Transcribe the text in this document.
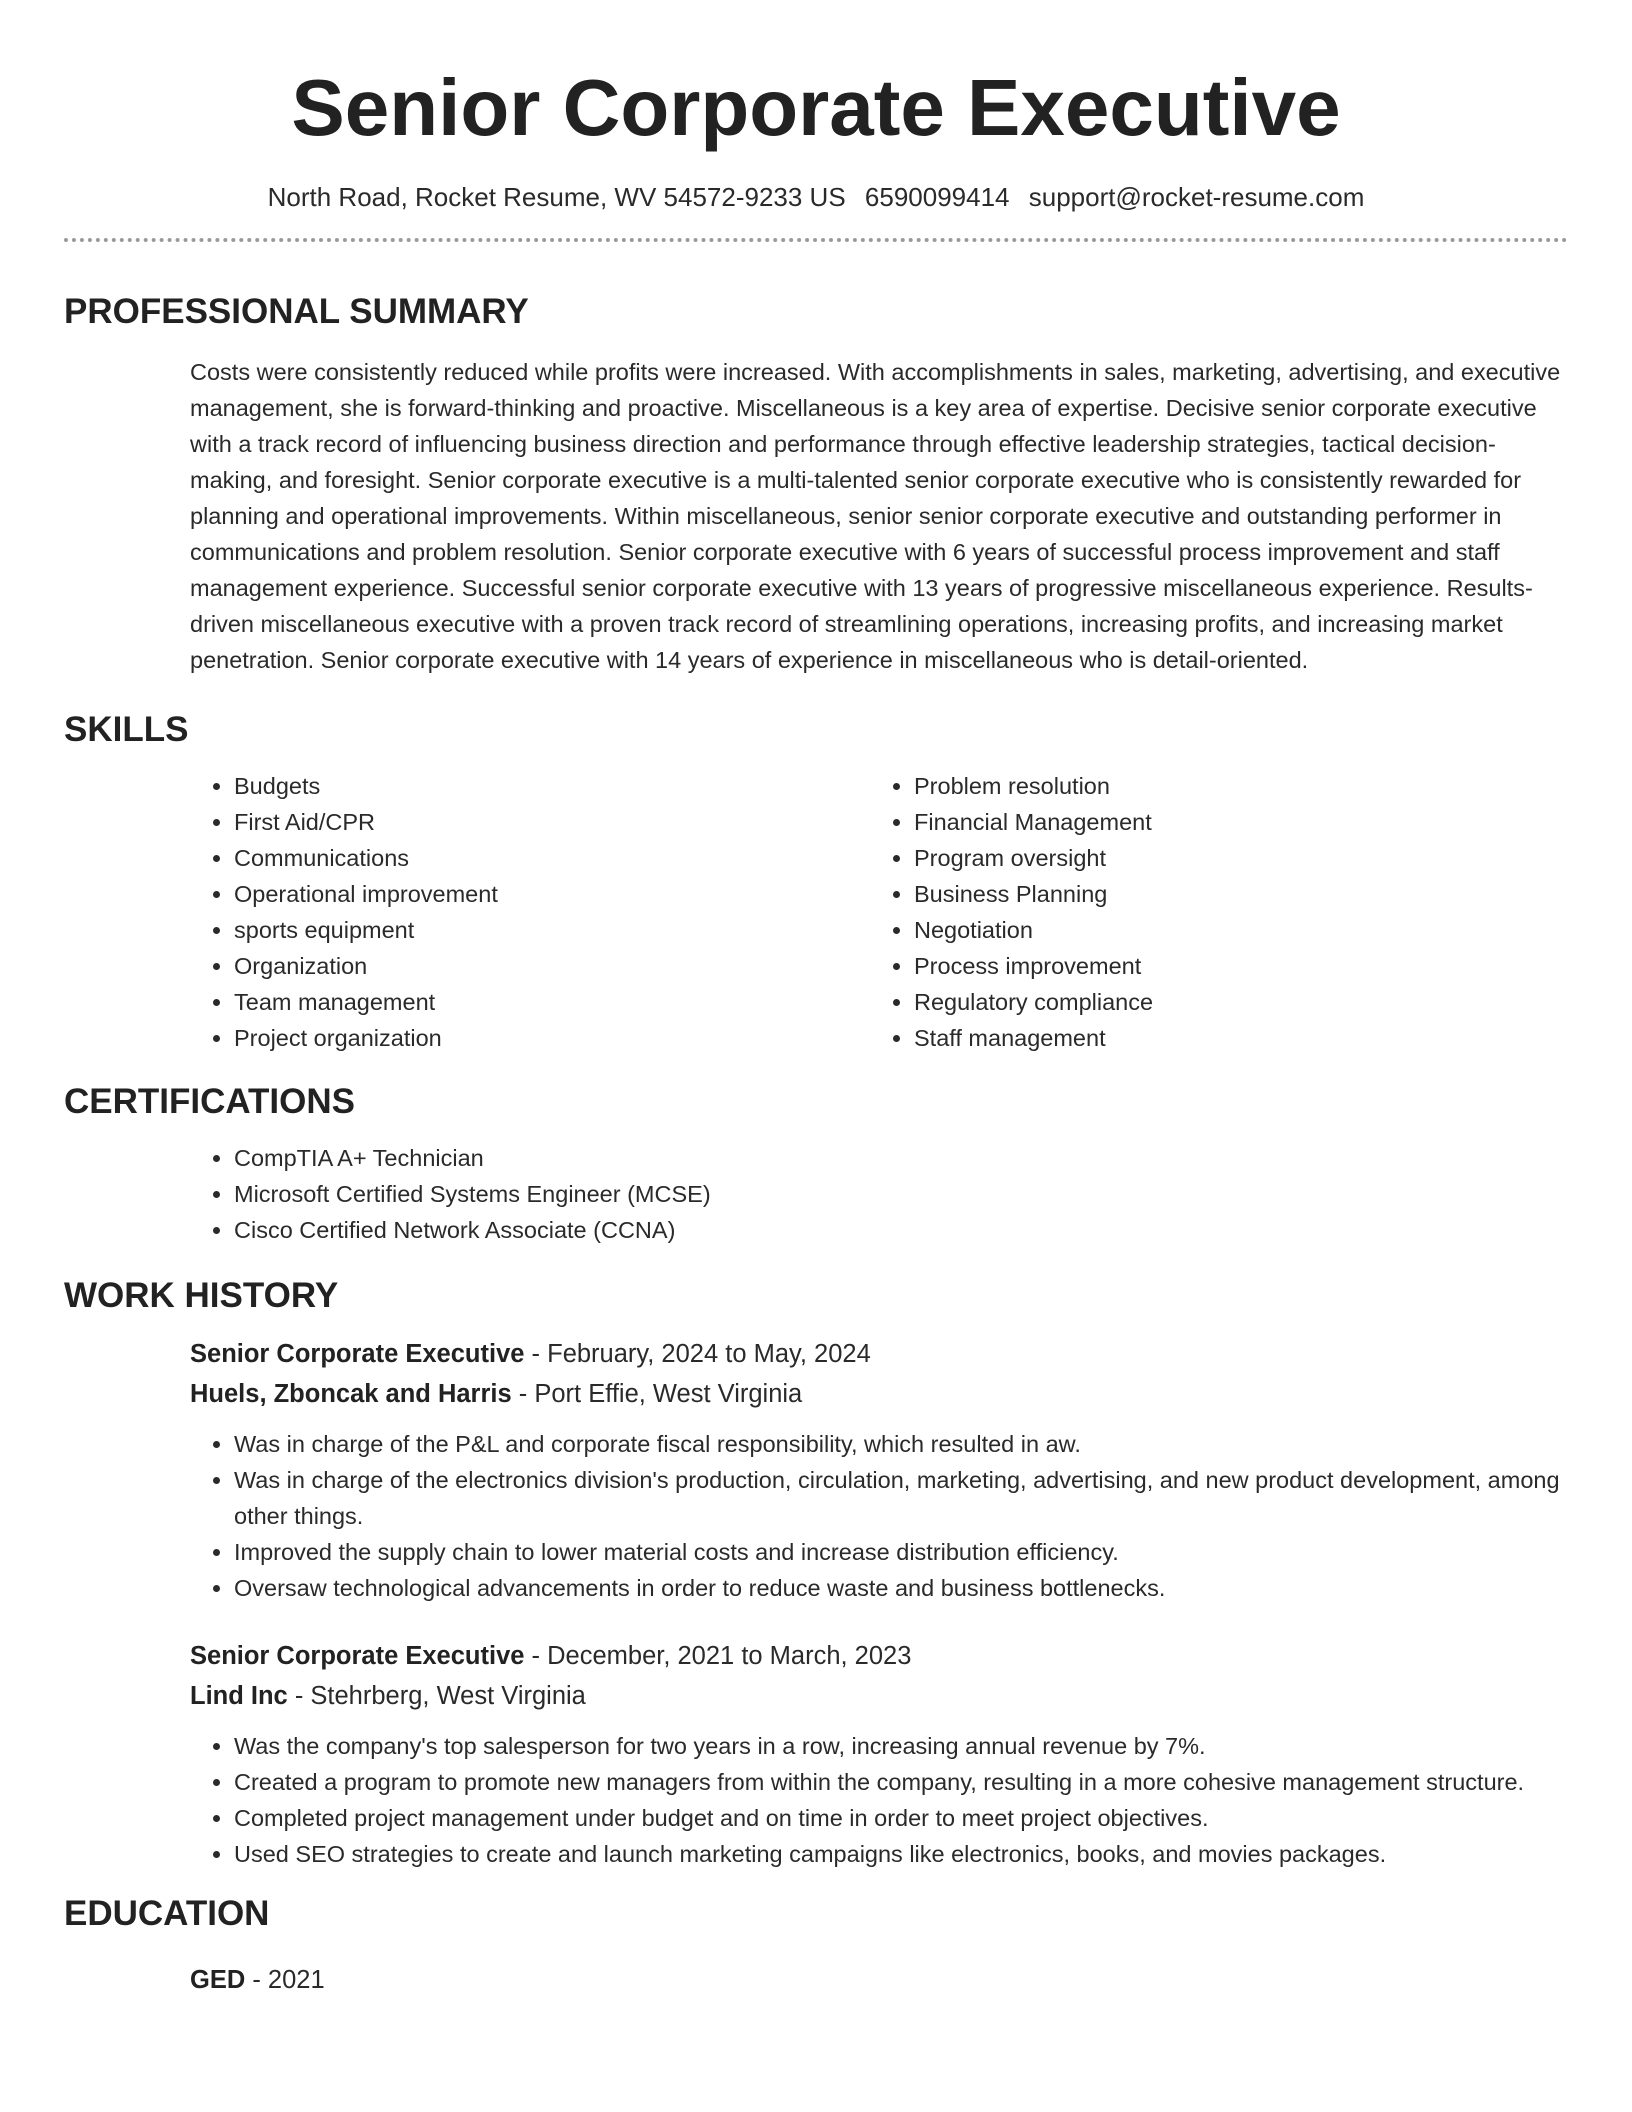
Senior Corporate Executive
North Road, Rocket Resume, WV 54572-9233 US 6590099414 support@rocket-resume.com
PROFESSIONAL SUMMARY
Costs were consistently reduced while profits were increased. With accomplishments in sales, marketing, advertising, and executive management, she is forward-thinking and proactive. Miscellaneous is a key area of expertise. Decisive senior corporate executive with a track record of influencing business direction and performance through effective leadership strategies, tactical decision-making, and foresight. Senior corporate executive is a multi-talented senior corporate executive who is consistently rewarded for planning and operational improvements. Within miscellaneous, senior senior corporate executive and outstanding performer in communications and problem resolution. Senior corporate executive with 6 years of successful process improvement and staff management experience. Successful senior corporate executive with 13 years of progressive miscellaneous experience. Results-driven miscellaneous executive with a proven track record of streamlining operations, increasing profits, and increasing market penetration. Senior corporate executive with 14 years of experience in miscellaneous who is detail-oriented.
SKILLS
• Budgets
• First Aid/CPR
• Communications
• Operational improvement
• sports equipment
• Organization
• Team management
• Project organization
• Problem resolution
• Financial Management
• Program oversight
• Business Planning
• Negotiation
• Process improvement
• Regulatory compliance
• Staff management
CERTIFICATIONS
• CompTIA A+ Technician
• Microsoft Certified Systems Engineer (MCSE)
• Cisco Certified Network Associate (CCNA)
WORK HISTORY
Senior Corporate Executive - February, 2024 to May, 2024
Huels, Zboncak and Harris - Port Effie, West Virginia
• Was in charge of the P&L and corporate fiscal responsibility, which resulted in aw.
• Was in charge of the electronics division's production, circulation, marketing, advertising, and new product development, among other things.
• Improved the supply chain to lower material costs and increase distribution efficiency.
• Oversaw technological advancements in order to reduce waste and business bottlenecks.
Senior Corporate Executive - December, 2021 to March, 2023
Lind Inc - Stehrberg, West Virginia
• Was the company's top salesperson for two years in a row, increasing annual revenue by 7%.
• Created a program to promote new managers from within the company, resulting in a more cohesive management structure.
• Completed project management under budget and on time in order to meet project objectives.
• Used SEO strategies to create and launch marketing campaigns like electronics, books, and movies packages.
EDUCATION
GED - 2021
